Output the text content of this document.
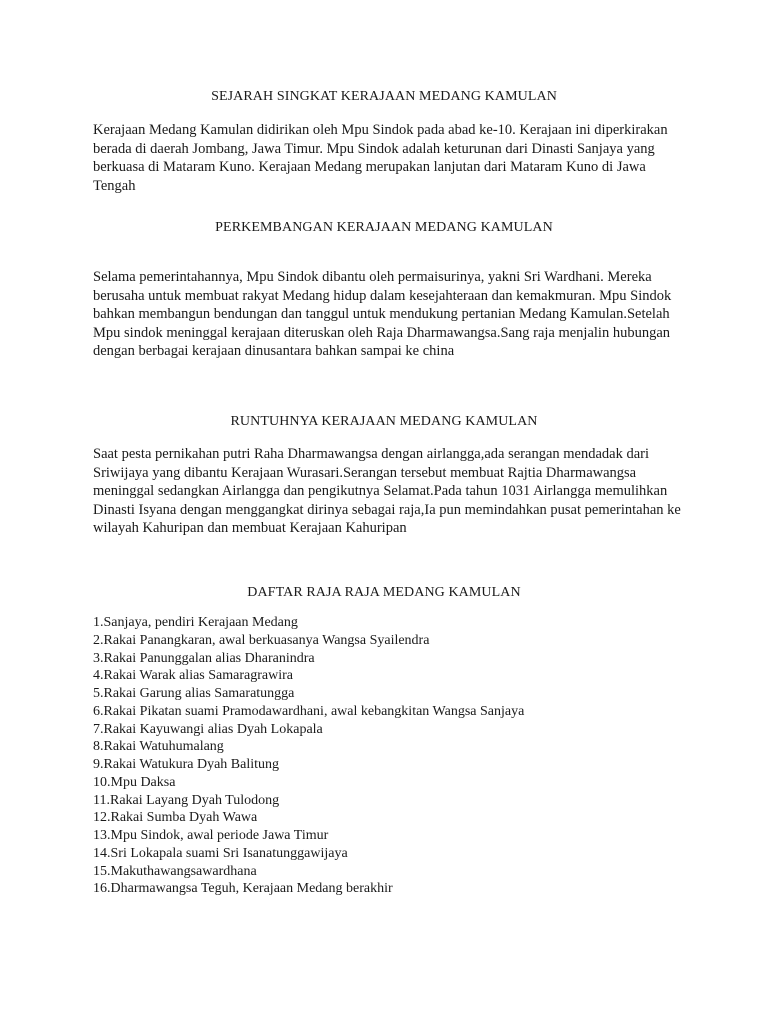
SEJARAH SINGKAT KERAJAAN MEDANG KAMULAN

Kerajaan Medang Kamulan didirikan oleh Mpu Sindok pada abad ke-10. Kerajaan ini diperkirakan berada di daerah Jombang, Jawa Timur. Mpu Sindok adalah keturunan dari Dinasti Sanjaya yang berkuasa di Mataram Kuno. Kerajaan Medang merupakan lanjutan dari Mataram Kuno di Jawa Tengah

PERKEMBANGAN KERAJAAN MEDANG KAMULAN

Selama pemerintahannya, Mpu Sindok dibantu oleh permaisurinya, yakni Sri Wardhani. Mereka berusaha untuk membuat rakyat Medang hidup dalam kesejahteraan dan kemakmuran. Mpu Sindok bahkan membangun bendungan dan tanggul untuk mendukung pertanian Medang Kamulan.Setelah Mpu sindok meninggal kerajaan diteruskan oleh Raja Dharmawangsa.Sang raja menjalin hubungan dengan berbagai kerajaan dinusantara bahkan sampai ke china

RUNTUHNYA KERAJAAN MEDANG KAMULAN

Saat pesta pernikahan putri Raha Dharmawangsa dengan airlangga,ada serangan mendadak dari Sriwijaya yang dibantu Kerajaan Wurasari.Serangan tersebut membuat Rajtia Dharmawangsa meninggal sedangkan Airlangga dan pengikutnya Selamat.Pada tahun 1031 Airlangga memulihkan Dinasti Isyana dengan menggangkat dirinya sebagai raja,Ia pun memindahkan pusat pemerintahan ke wilayah Kahuripan dan membuat Kerajaan Kahuripan

DAFTAR RAJA RAJA MEDANG KAMULAN
1.Sanjaya, pendiri Kerajaan Medang
2.Rakai Panangkaran, awal berkuasanya Wangsa Syailendra
3.Rakai Panunggalan alias Dharanindra
4.Rakai Warak alias Samaragrawira
5.Rakai Garung alias Samaratungga
6.Rakai Pikatan suami Pramodawardhani, awal kebangkitan Wangsa Sanjaya
7.Rakai Kayuwangi alias Dyah Lokapala
8.Rakai Watuhumalang
9.Rakai Watukura Dyah Balitung
10.Mpu Daksa
11.Rakai Layang Dyah Tulodong
12.Rakai Sumba Dyah Wawa
13.Mpu Sindok, awal periode Jawa Timur
14.Sri Lokapala suami Sri Isanatunggawijaya
15.Makuthawangsawardhana
16.Dharmawangsa Teguh, Kerajaan Medang berakhir
